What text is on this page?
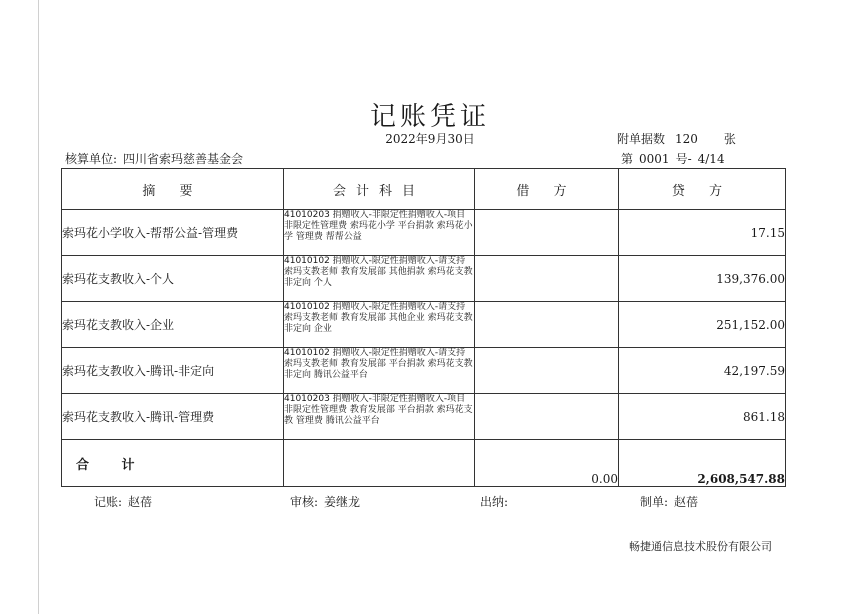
记账凭证
2022年9月30日	附单据数 120 张
核算单位: 四川省索玛慈善基金会	第 0001 号- 4/14
摘 要	会计科目	借 方	贷 方
索玛花小学收入-帮帮公益-管理费	41010203 捐赠收入-非限定性捐赠收入-项目非限定性管理费 索玛花小学 平台捐款 索玛花小学 管理费 帮帮公益		17.15
索玛花支教收入-个人	41010102 捐赠收入-限定性捐赠收入-请支持索玛支教老师 教育发展部 其他捐款 索玛花支教 非定向 个人		139,376.00
索玛花支教收入-企业	41010102 捐赠收入-限定性捐赠收入-请支持索玛支教老师 教育发展部 其他企业 索玛花支教 非定向 企业		251,152.00
索玛花支教收入-腾讯-非定向	41010102 捐赠收入-限定性捐赠收入-请支持索玛支教老师 教育发展部 平台捐款 索玛花支教 非定向 腾讯公益平台		42,197.59
索玛花支教收入-腾讯-管理费	41010203 捐赠收入-非限定性捐赠收入-项目非限定性管理费 教育发展部 平台捐款 索玛花支教 管理费 腾讯公益平台		861.18
合 计		0.00	2,608,547.88
记账: 赵蓓	审核: 姜继龙	出纳:	制单: 赵蓓
畅捷通信息技术股份有限公司
